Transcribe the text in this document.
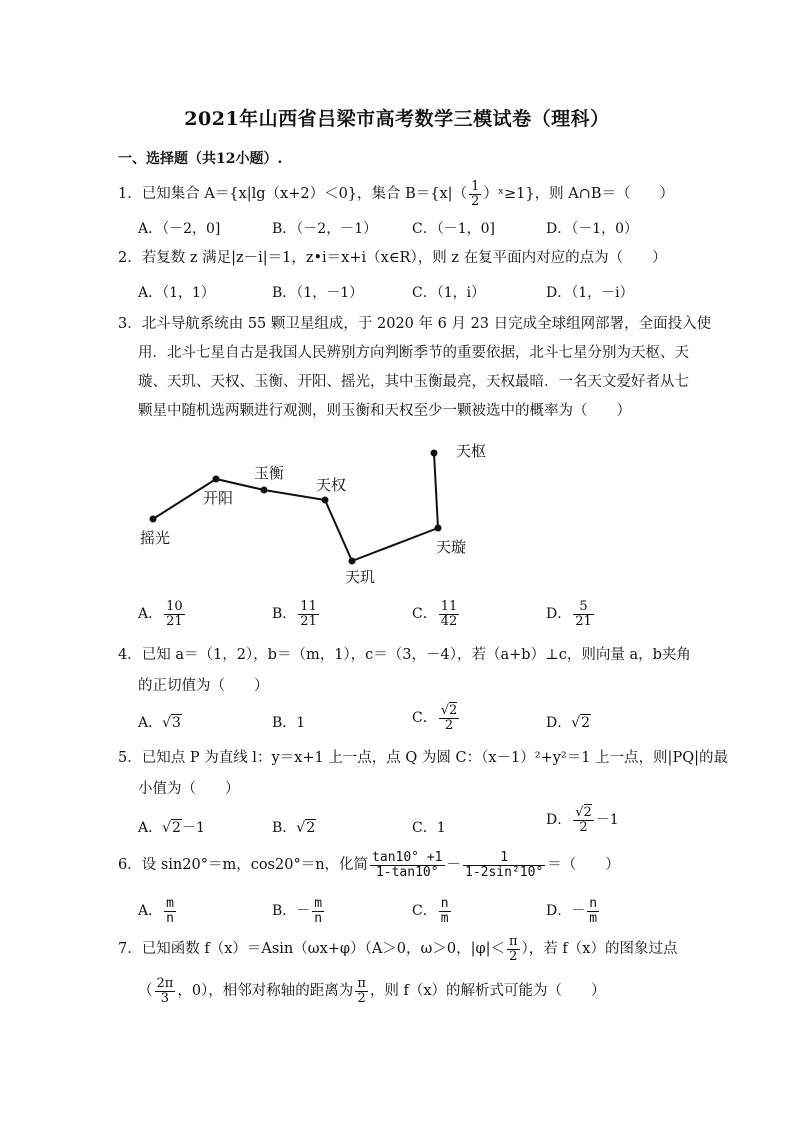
2021年山西省吕梁市高考数学三模试卷（理科）
一、选择题（共12小题）.
1．已知集合 A＝{x|lg（x+2）＜0}，集合 $B=\{x|( \frac{1}{2}$ ）ˣ≥1}，则 A∩B＝（　　）
A．（－2，0]	B．（－2，－1） C．（－1，0]	D．（－1，0）
2．若复数 z 满足|z－i|＝1，z•i＝x+i（x∈R），则 z 在复平面内对应的点为（　　）
A．（1，1）	B．（1，－1）	C．（1，i）	D．（1，－i）
3．北斗导航系统由 55 颗卫星组成，于 2020 年 6 月 23 日完成全球组网部署，全面投入使
用．北斗七星自古是我国人民辨别方向判断季节的重要依据，北斗七星分别为天枢、天
璇、天玑、天权、玉衡、开阳、摇光，其中玉衡最亮，天权最暗．一名天文爱好者从七
颗星中随机选两颗进行观测，则玉衡和天权至少一颗被选中的概率为（　　）
摇光
开阳
玉衡
天权
天玑
天璇
天枢
A． $\frac{10}{21}$	B． $\frac{11}{21}$	C． $\frac{11}{42}$	D． $\frac{5}{21}$
4．已知 a＝（1，2），b＝（m，1），c＝（3，－4），若（a+b）⊥c，则向量 a，b夹角
的正切值为（　　）
A．√3	B．1	C． $\frac{√2}{2}$	D．√2
5．已知点 P 为直线 l：y＝x+1 上一点，点 Q 为圆 C：（x－1）²+y²＝1 上一点，则|PQ|的最
小值为（　　）
A．√2－1	B．√2	C．1	D． $\frac{√2}{2} -1$
6．设 sin20°＝m，cos20°＝n，化简 $\frac{\tan 10^\circ +1}{1-\tan 10^\circ} - \frac{1}{\text{1-2sin²10°}}$ ＝（　　）
A． $\frac{m}{n}$	B．－ $\frac{m}{n}$	C． $\frac{n}{m}$	D．－ $\frac{n}{m}$
7．已知函数 f（x）＝Asin（ωx+φ）（A＞0，ω＞0，$|\varphi|< \frac{\pi}{2}$ ），若 f（x）的图象过点
（ $\frac{2\pi}{3}$ ，0），相邻对称轴的距离为 $\frac{\pi}{2}$ ，则 f（x）的解析式可能为（　　）
